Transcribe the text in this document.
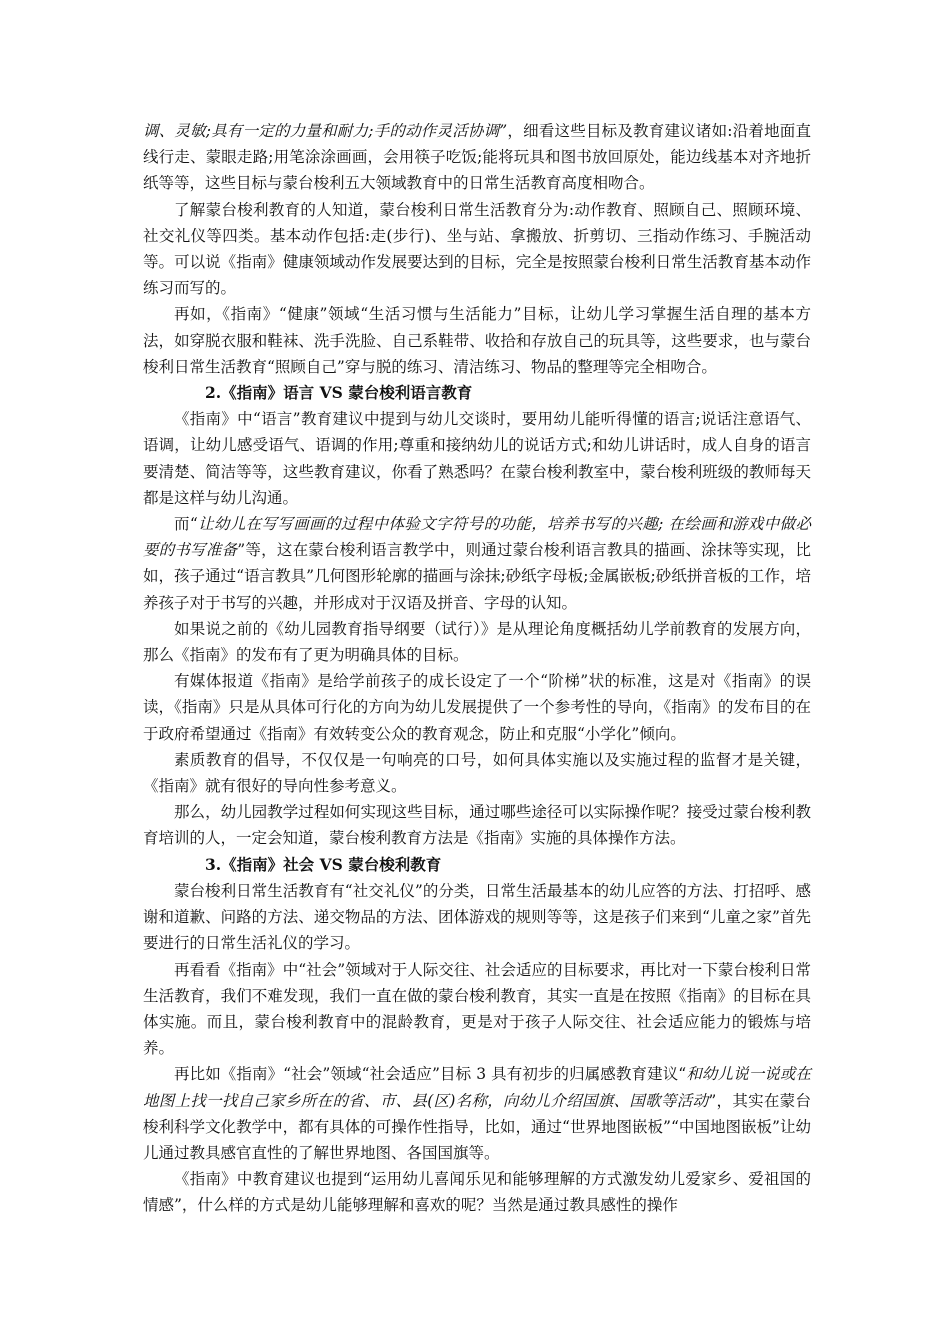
调、灵敏;具有一定的力量和耐力;手的动作灵活协调”，细看这些目标及教育建议诸如:沿着地面直线行走、蒙眼走路;用笔涂涂画画，会用筷子吃饭;能将玩具和图书放回原处，能边线基本对齐地折纸等等，这些目标与蒙台梭利五大领域教育中的日常生活教育高度相吻合。

了解蒙台梭利教育的人知道，蒙台梭利日常生活教育分为:动作教育、照顾自己、照顾环境、社交礼仪等四类。基本动作包括:走(步行)、坐与站、拿搬放、折剪切、三指动作练习、手腕活动等。可以说《指南》健康领域动作发展要达到的目标，完全是按照蒙台梭利日常生活教育基本动作练习而写的。

再如，《指南》“健康”领域“生活习惯与生活能力”目标，让幼儿学习掌握生活自理的基本方法，如穿脱衣服和鞋袜、洗手洗脸、自己系鞋带、收拾和存放自己的玩具等，这些要求，也与蒙台梭利日常生活教育“照顾自己”穿与脱的练习、清洁练习、物品的整理等完全相吻合。

2.《指南》语言 VS 蒙台梭利语言教育

《指南》中“语言”教育建议中提到与幼儿交谈时，要用幼儿能听得懂的语言;说话注意语气、语调，让幼儿感受语气、语调的作用;尊重和接纳幼儿的说话方式;和幼儿讲话时，成人自身的语言要清楚、简洁等等，这些教育建议，你看了熟悉吗？在蒙台梭利教室中，蒙台梭利班级的教师每天都是这样与幼儿沟通。

而“让幼儿在写写画画的过程中体验文字符号的功能，培养书写的兴趣; 在绘画和游戏中做必要的书写准备”等，这在蒙台梭利语言教学中，则通过蒙台梭利语言教具的描画、涂抹等实现，比如，孩子通过“语言教具”几何图形轮廓的描画与涂抹;砂纸字母板;金属嵌板;砂纸拼音板的工作，培养孩子对于书写的兴趣，并形成对于汉语及拼音、字母的认知。

如果说之前的《幼儿园教育指导纲要（试行）》是从理论角度概括幼儿学前教育的发展方向，那么《指南》的发布有了更为明确具体的目标。

有媒体报道《指南》是给学前孩子的成长设定了一个“阶梯”状的标准，这是对《指南》的误读，《指南》只是从具体可行化的方向为幼儿发展提供了一个参考性的导向，《指南》的发布目的在于政府希望通过《指南》有效转变公众的教育观念，防止和克服“小学化”倾向。

素质教育的倡导，不仅仅是一句响亮的口号，如何具体实施以及实施过程的监督才是关键，《指南》就有很好的导向性参考意义。

那么，幼儿园教学过程如何实现这些目标，通过哪些途径可以实际操作呢？接受过蒙台梭利教育培训的人，一定会知道，蒙台梭利教育方法是《指南》实施的具体操作方法。

3.《指南》社会 VS 蒙台梭利教育

蒙台梭利日常生活教育有“社交礼仪”的分类，日常生活最基本的幼儿应答的方法、打招呼、感谢和道歉、问路的方法、递交物品的方法、团体游戏的规则等等，这是孩子们来到“儿童之家”首先要进行的日常生活礼仪的学习。

再看看《指南》中“社会”领域对于人际交往、社会适应的目标要求，再比对一下蒙台梭利日常生活教育，我们不难发现，我们一直在做的蒙台梭利教育，其实一直是在按照《指南》的目标在具体实施。而且，蒙台梭利教育中的混龄教育，更是对于孩子人际交往、社会适应能力的锻炼与培养。

再比如《指南》“社会”领域“社会适应”目标 3 具有初步的归属感教育建议“和幼儿说一说或在地图上找一找自己家乡所在的省、市、县(区)名称，向幼儿介绍国旗、国歌等活动”，其实在蒙台梭利科学文化教学中，都有具体的可操作性指导，比如，通过“世界地图嵌板”“中国地图嵌板”让幼儿通过教具感官直性的了解世界地图、各国国旗等。

《指南》中教育建议也提到“运用幼儿喜闻乐见和能够理解的方式激发幼儿爱家乡、爱祖国的情感”，什么样的方式是幼儿能够理解和喜欢的呢？当然是通过教具感性的操作
